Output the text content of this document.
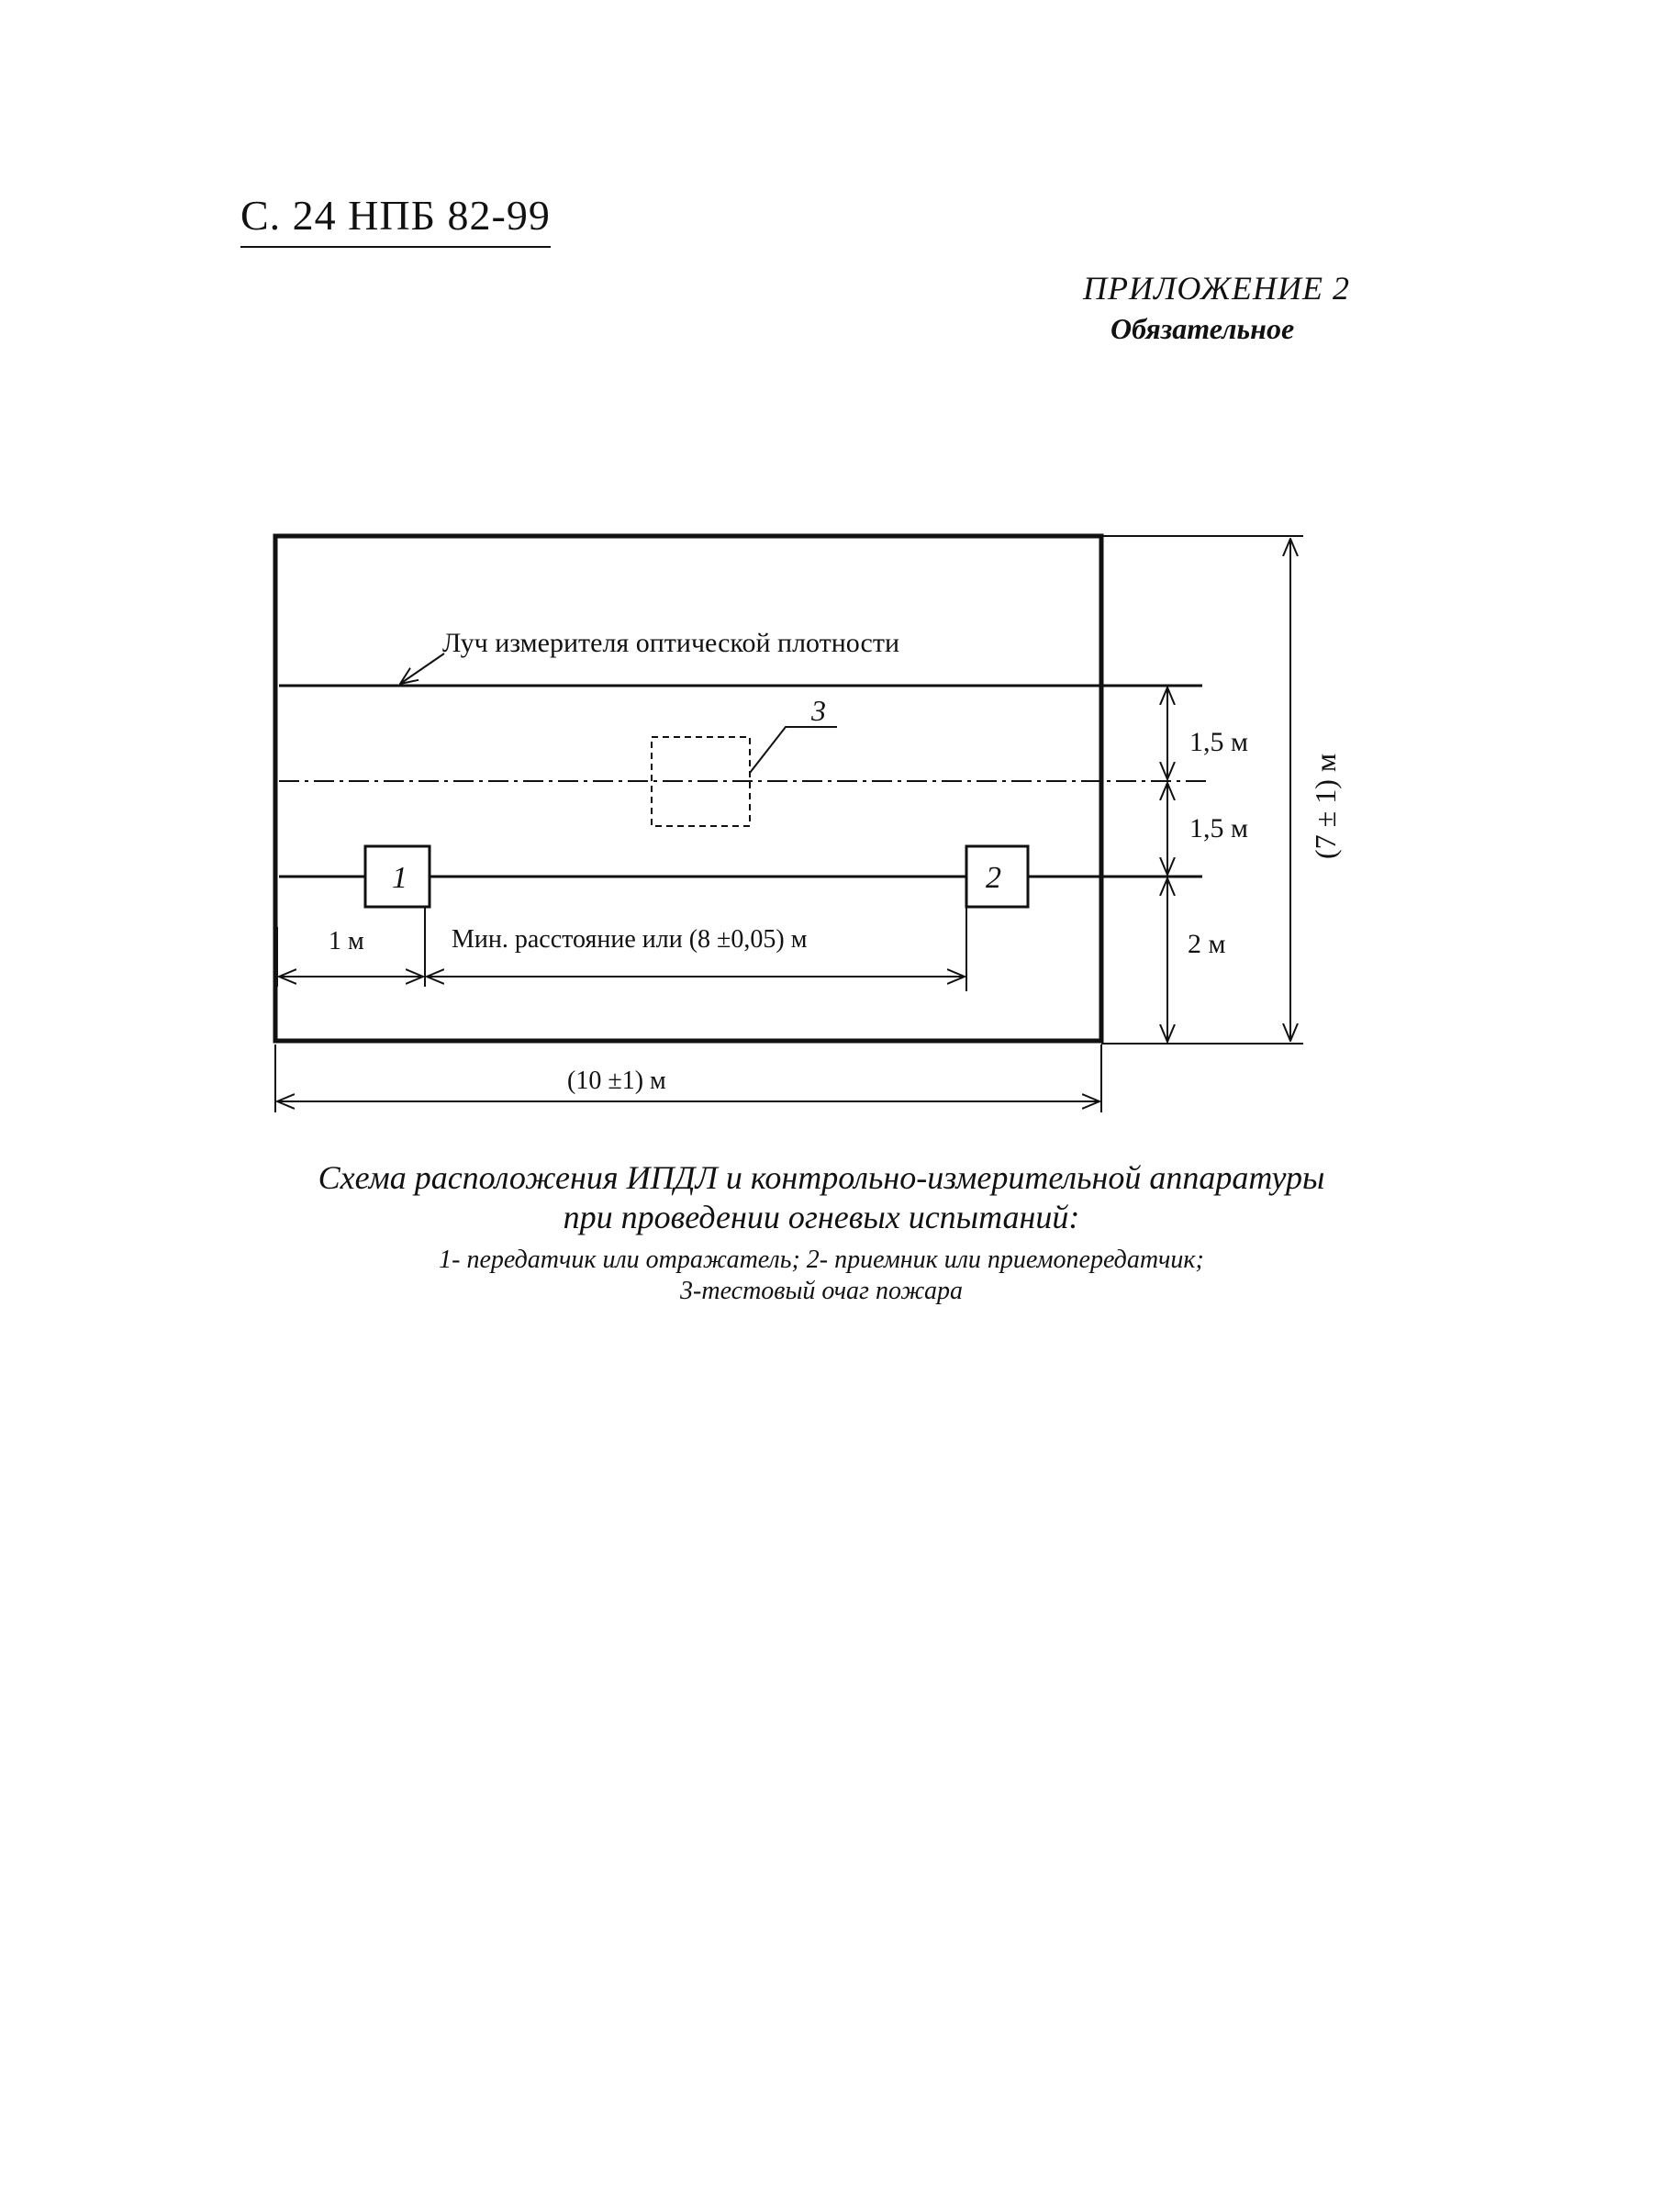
С. 24 НПБ 82-99
ПРИЛОЖЕНИЕ 2
Обязательное
Луч измерителя оптической плотности
3
1	2
1 м	Мин. расстояние или (8 ±0,05) м
(10 ±1) м
1,5 м
1,5 м
2 м
(7 ± 1) м
Схема расположения ИПДЛ и контрольно-измерительной аппаратуры
при проведении огневых испытаний:
1- передатчик или отражатель; 2- приемник или приемопередатчик;
3-тестовый очаг пожара
